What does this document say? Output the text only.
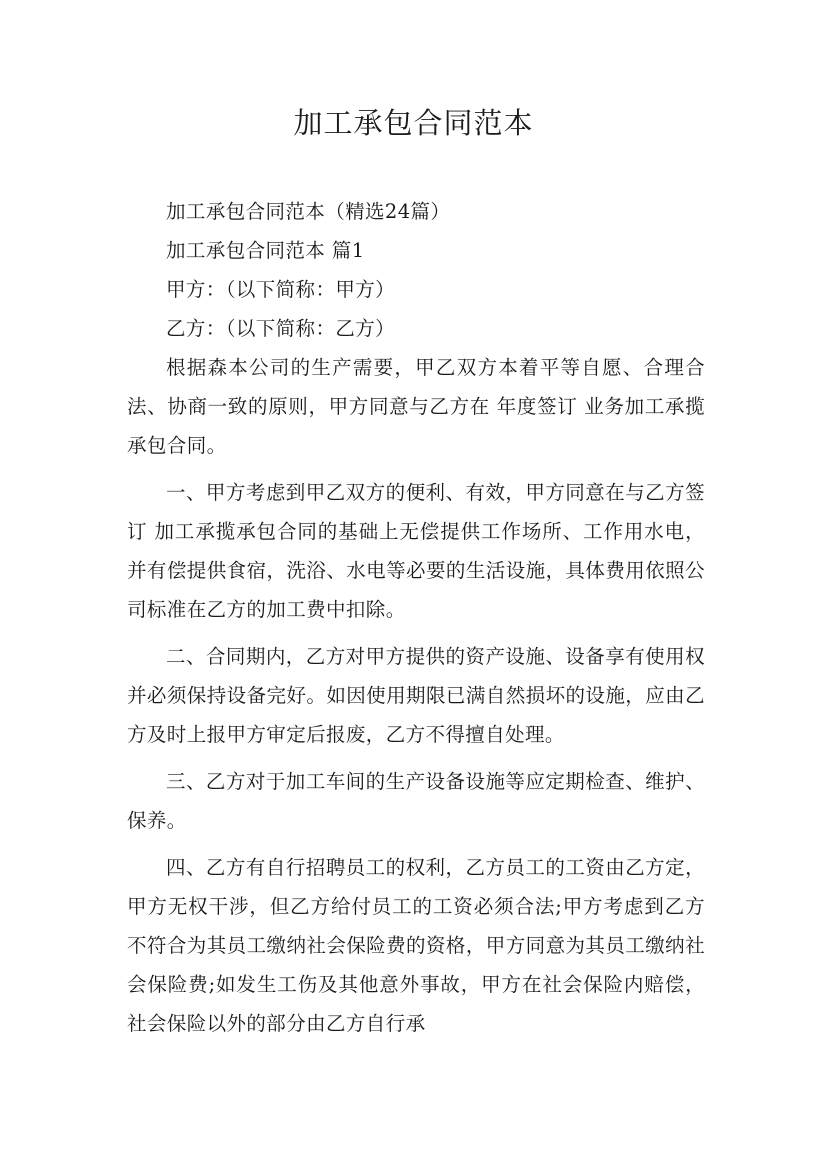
加工承包合同范本

加工承包合同范本（精选24篇）

加工承包合同范本 篇1

甲方：（以下简称：甲方）

乙方：（以下简称：乙方）

根据森本公司的生产需要，甲乙双方本着平等自愿、合理合法、协商一致的原则，甲方同意与乙方在 年度签订 业务加工承揽承包合同。

一、甲方考虑到甲乙双方的便利、有效，甲方同意在与乙方签订 加工承揽承包合同的基础上无偿提供工作场所、工作用水电，并有偿提供食宿，洗浴、水电等必要的生活设施，具体费用依照公司标准在乙方的加工费中扣除。

二、合同期内，乙方对甲方提供的资产设施、设备享有使用权并必须保持设备完好。如因使用期限已满自然损坏的设施，应由乙方及时上报甲方审定后报废，乙方不得擅自处理。

三、乙方对于加工车间的生产设备设施等应定期检查、维护、保养。

四、乙方有自行招聘员工的权利，乙方员工的工资由乙方定，甲方无权干涉，但乙方给付员工的工资必须合法;甲方考虑到乙方不符合为其员工缴纳社会保险费的资格，甲方同意为其员工缴纳社会保险费;如发生工伤及其他意外事故，甲方在社会保险内赔偿，社会保险以外的部分由乙方自行承
